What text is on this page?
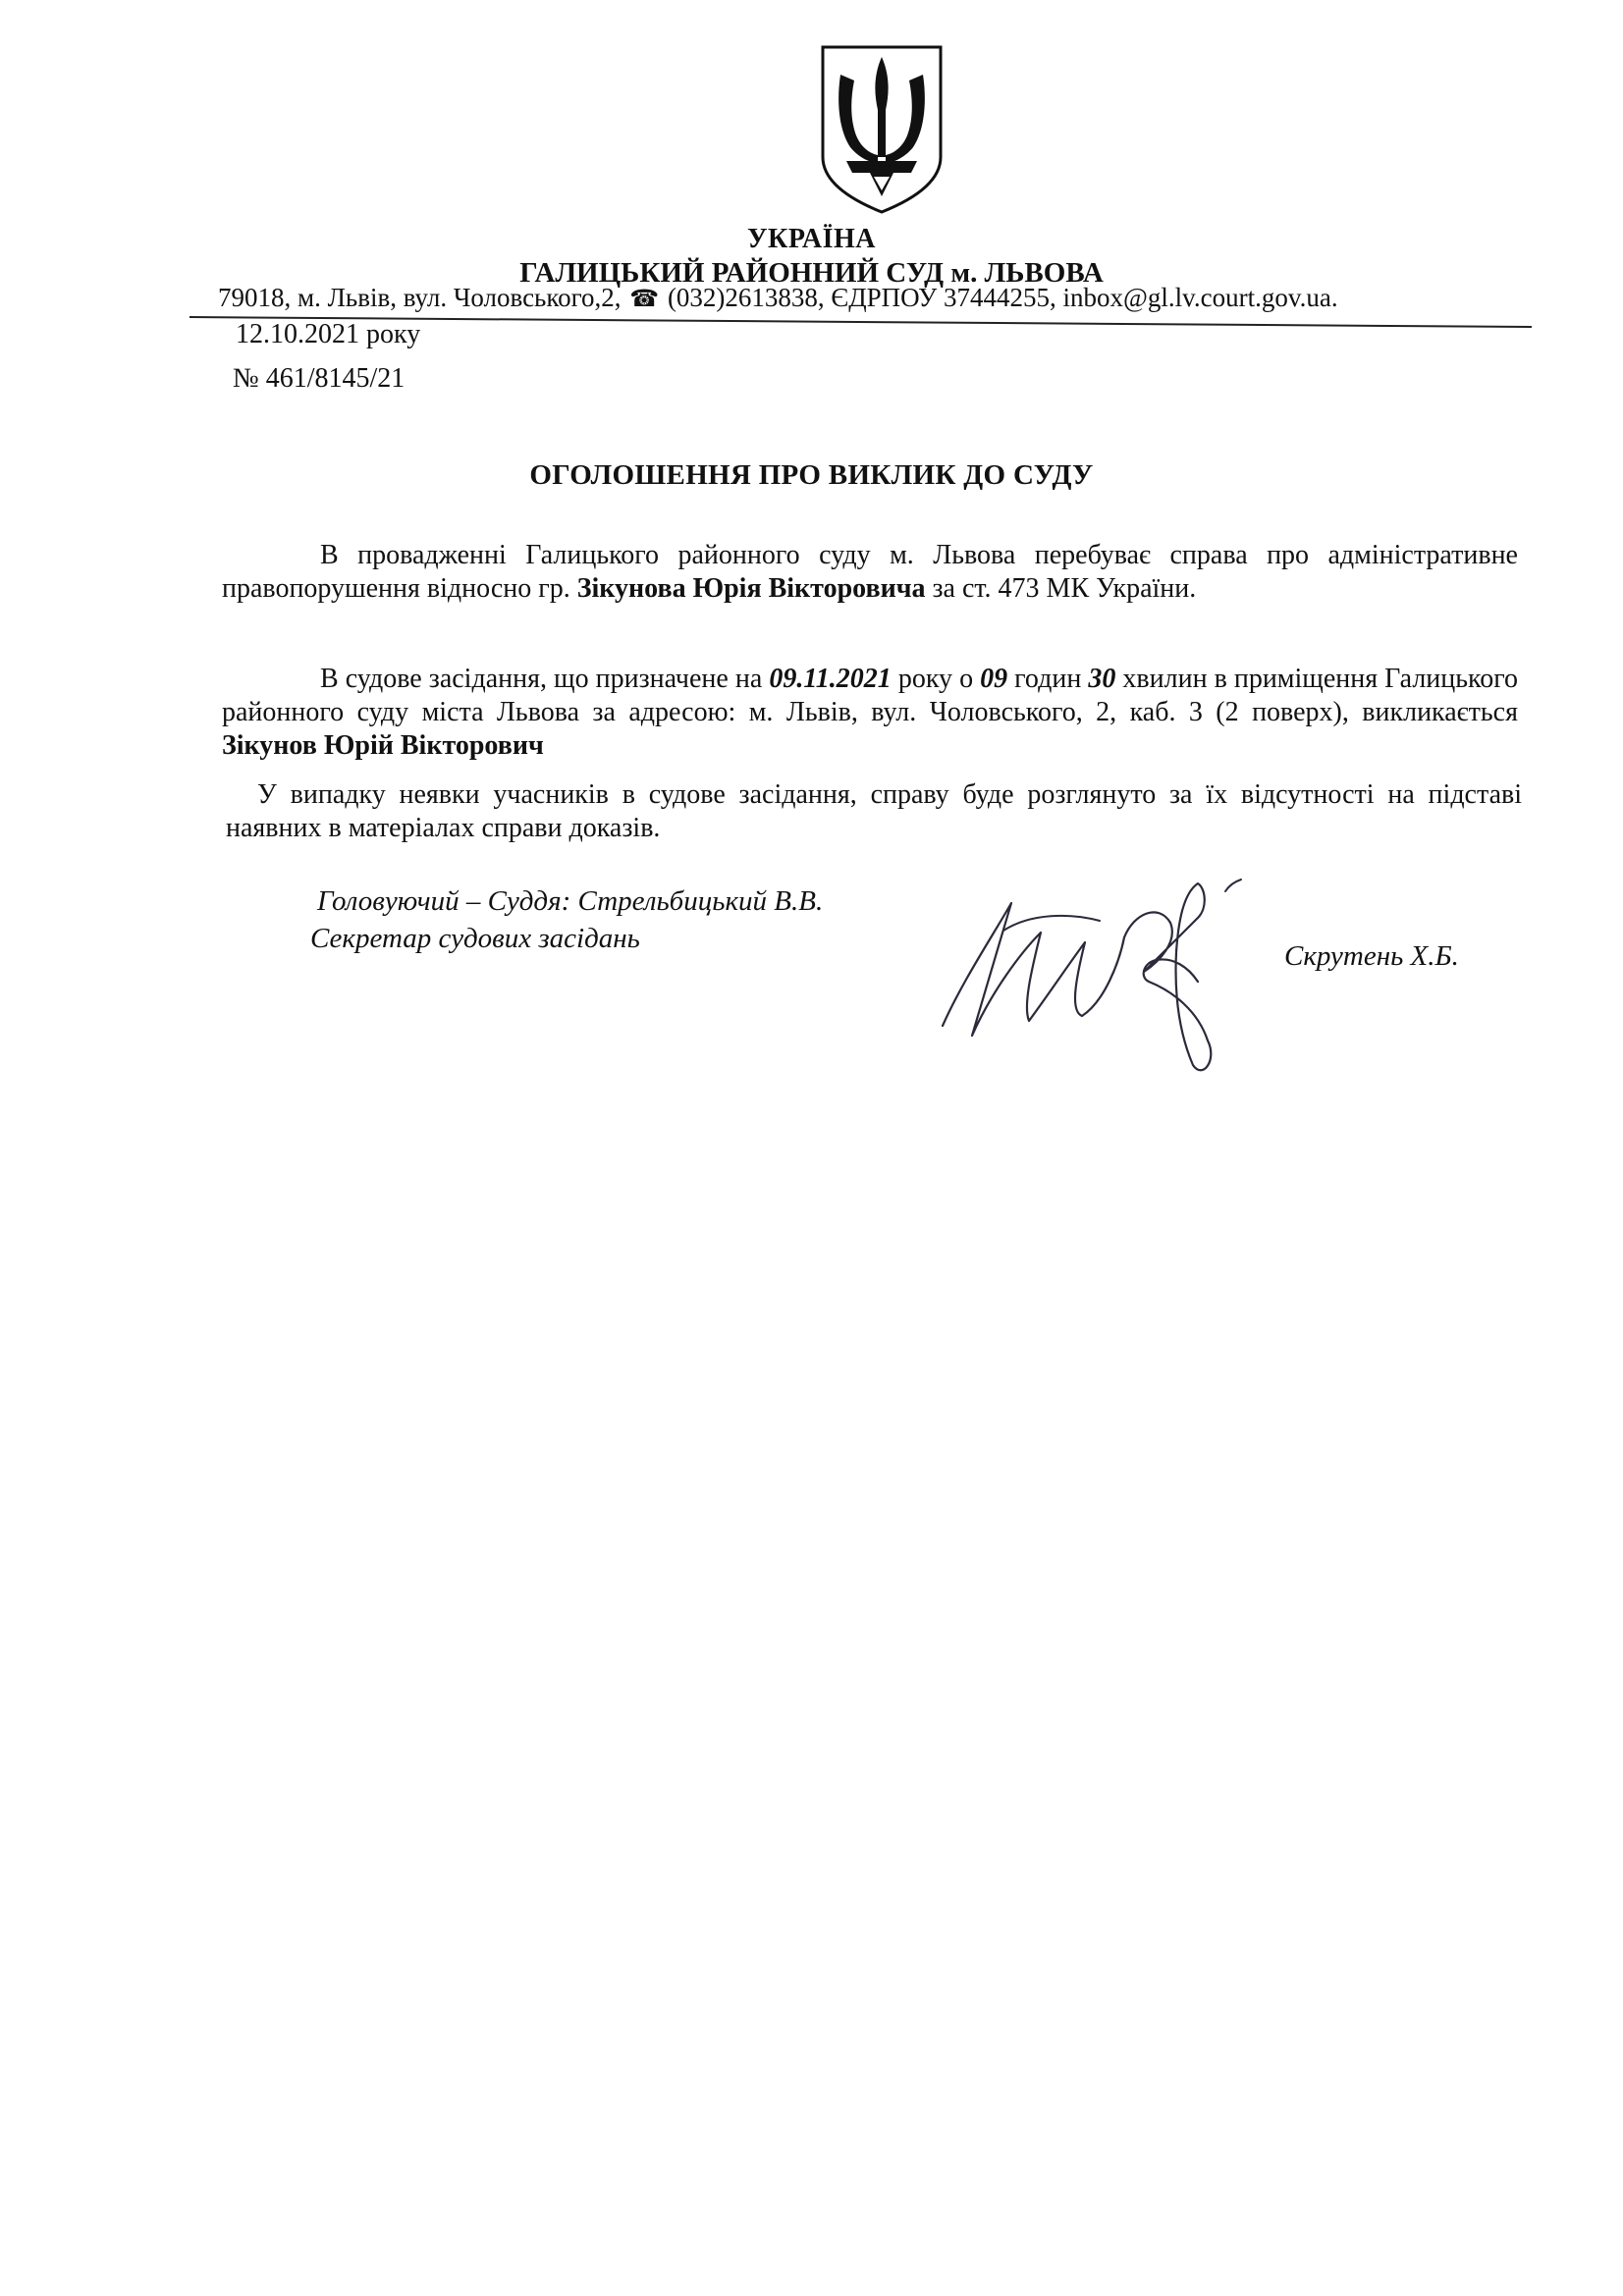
УКРАЇНА
ГАЛИЦЬКИЙ РАЙОННИЙ СУД м. ЛЬВОВА
79018, м. Львів, вул. Чоловського,2, ☎ (032)2613838, ЄДРПОУ 37444255, inbox@gl.lv.court.gov.ua.
12.10.2021 року
№ 461/8145/21
ОГОЛОШЕННЯ ПРО ВИКЛИК ДО СУДУ
В провадженні Галицького районного суду м. Львова перебуває справа про адміністративне правопорушення відносно гр. Зікунова Юрія Вікторовича за ст. 473 МК України.
В судове засідання, що призначене на 09.11.2021 року о 09 годин 30 хвилин в приміщення Галицького районного суду міста Львова за адресою: м. Львів, вул. Чоловського, 2, каб. 3 (2 поверх), викликається Зікунов Юрій Вікторович
У випадку неявки учасників в судове засідання, справу буде розглянуто за їх відсутності на підставі наявних в матеріалах справи доказів.
Головуючий – Суддя: Стрельбицький В.В.
Секретар судових засідань
Скрутень Х.Б.
